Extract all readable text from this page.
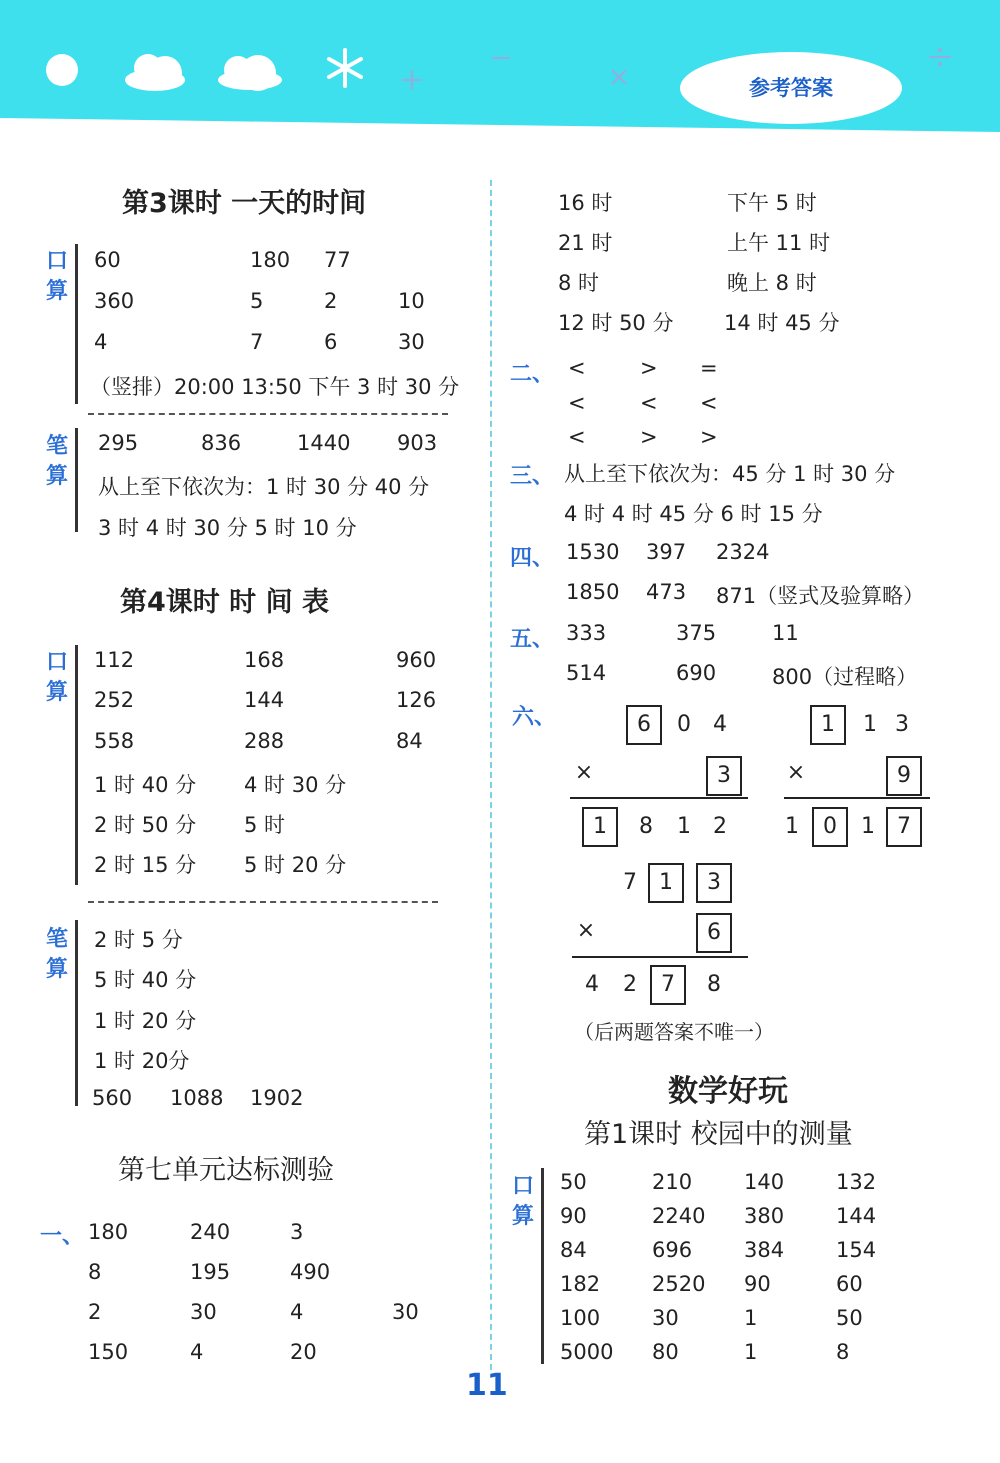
参考答案
第3课时 一天的时间
口
算
60	180 77
360	5	2	10
4	7	6	30
（竖排）20:00 13:50 下午 3 时 30 分
笔
算
295	836	1440 903
从上至下依次为：1 时 30 分 40 分
3 时 4 时 30 分 5 时 10 分
第4课时 时 间 表
口
算
112	168	960
252	144	126
558	288	84
1 时 40 分 4 时 30 分
2 时 50 分 5 时
2 时 15 分 5 时 20 分
笔
算
2 时 5 分
5 时 40 分
1 时 20 分
1 时 20分
560 1088 1902
第七单元达标测验
一、 180	240	3
8	195	490
2	30	4	30
150	4	20
16 时	下午 5 时
21 时	上午 11 时
8 时	晚上 8 时
12 时 50 分 14 时 45 分
二、 <	> =
<	< <
<	> >
三、 从上至下依次为：45 分 1 时 30 分
4 时 4 时 45 分 6 时 15 分
四、 1530 397 2324
1850 473 871（竖式及验算略）
五、 333	375	11
514	690	800（过程略）
六、	6	0 4
×	3
1	8 1 2
1	1 3
×	9
1	0	1	7
7	1	3
×	6
4 2	7	8
（后两题答案不唯一）
数学好玩
第1课时 校园中的测量
口
算
50	210 140 132
90	2240 380 144
84	696 384 154
182 2520 90	60
100 30	1	50
5000 80	1	8
11
